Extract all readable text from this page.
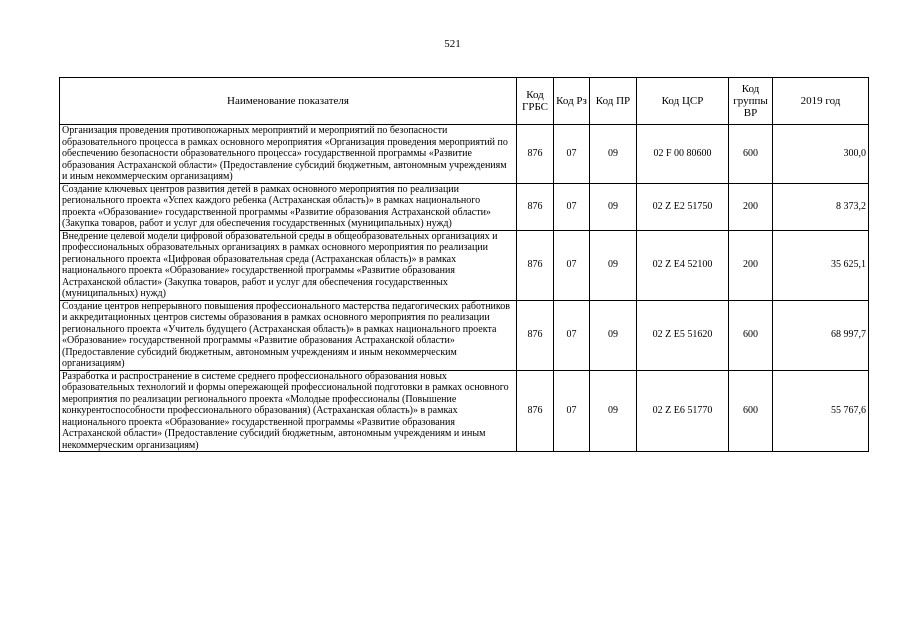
521
Наименование показателя	Код ГРБС	Код Рз	Код ПР	Код ЦСР	Код группы ВР	2019 год
Организация проведения противопожарных мероприятий и мероприятий по безопасности образовательного процесса в рамках основного мероприятия «Организация проведения мероприятий по обеспечению безопасности образовательного процесса» государственной программы «Развитие образования Астраханской области» (Предоставление субсидий бюджетным, автономным учреждениям и иным некоммерческим организациям)	876	07	09	02 F 00 80600	600	300,0
Создание ключевых центров развития детей в рамках основного мероприятия по реализации регионального проекта «Успех каждого ребенка (Астраханская область)» в рамках национального проекта «Образование» государственной программы «Развитие образования Астраханской области» (Закупка товаров, работ и услуг для обеспечения государственных (муниципальных) нужд)	876	07	09	02 Z E2 51750	200	8 373,2
Внедрение целевой модели цифровой образовательной среды в общеобразовательных организациях и профессиональных образовательных организациях в рамках основного мероприятия по реализации регионального проекта «Цифровая образовательная среда (Астраханская область)» в рамках национального проекта «Образование» государственной программы «Развитие образования Астраханской области» (Закупка товаров, работ и услуг для обеспечения государственных (муниципальных) нужд)	876	07	09	02 Z E4 52100	200	35 625,1
Создание центров непрерывного повышения профессионального мастерства педагогических работников и аккредитационных центров системы образования в рамках основного мероприятия по реализации регионального проекта «Учитель будущего (Астраханская область)» в рамках национального проекта «Образование» государственной программы «Развитие образования Астраханской области» (Предоставление субсидий бюджетным, автономным учреждениям и иным некоммерческим организациям)	876	07	09	02 Z E5 51620	600	68 997,7
Разработка и распространение в системе среднего профессионального образования новых образовательных технологий и формы опережающей профессиональной подготовки в рамках основного мероприятия по реализации регионального проекта «Молодые профессионалы (Повышение конкурентоспособности профессионального образования) (Астраханская область)» в рамках национального проекта «Образование» государственной программы «Развитие образования Астраханской области» (Предоставление субсидий бюджетным, автономным учреждениям и иным некоммерческим организациям)	876	07	09	02 Z E6 51770	600	55 767,6
